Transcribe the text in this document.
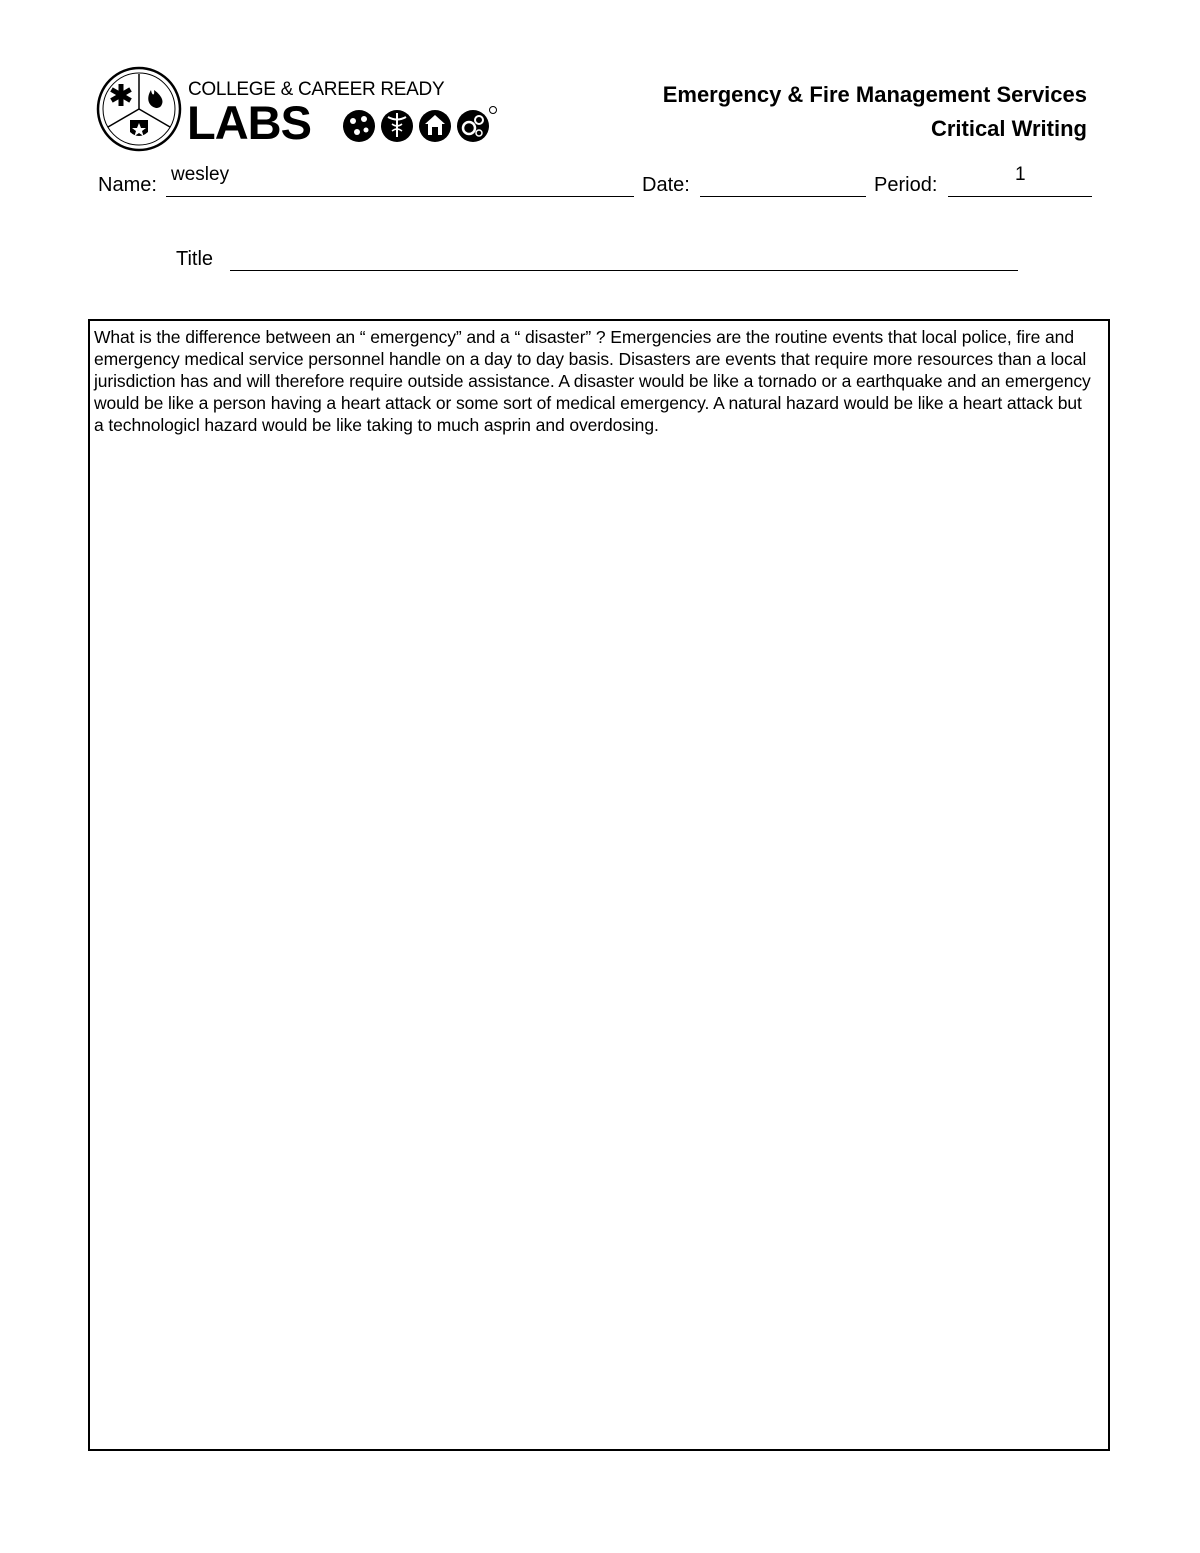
COLLEGE & CAREER READY
LABS
Emergency & Fire Management Services
Critical Writing
Name: wesley	Date:	Period:	1
Title
What is the difference between an “ emergency” and a “ disaster” ? Emergencies are the routine events that local police, fire and emergency medical service personnel handle on a day to day basis. Disasters are events that require more resources than a local jurisdiction has and will therefore require outside assistance. A disaster would be like a tornado or a earthquake and an emergency would be like a person having a heart attack or some sort of medical emergency. A natural hazard would be like a heart attack but a technologicl hazard would be like taking to much asprin and overdosing.
